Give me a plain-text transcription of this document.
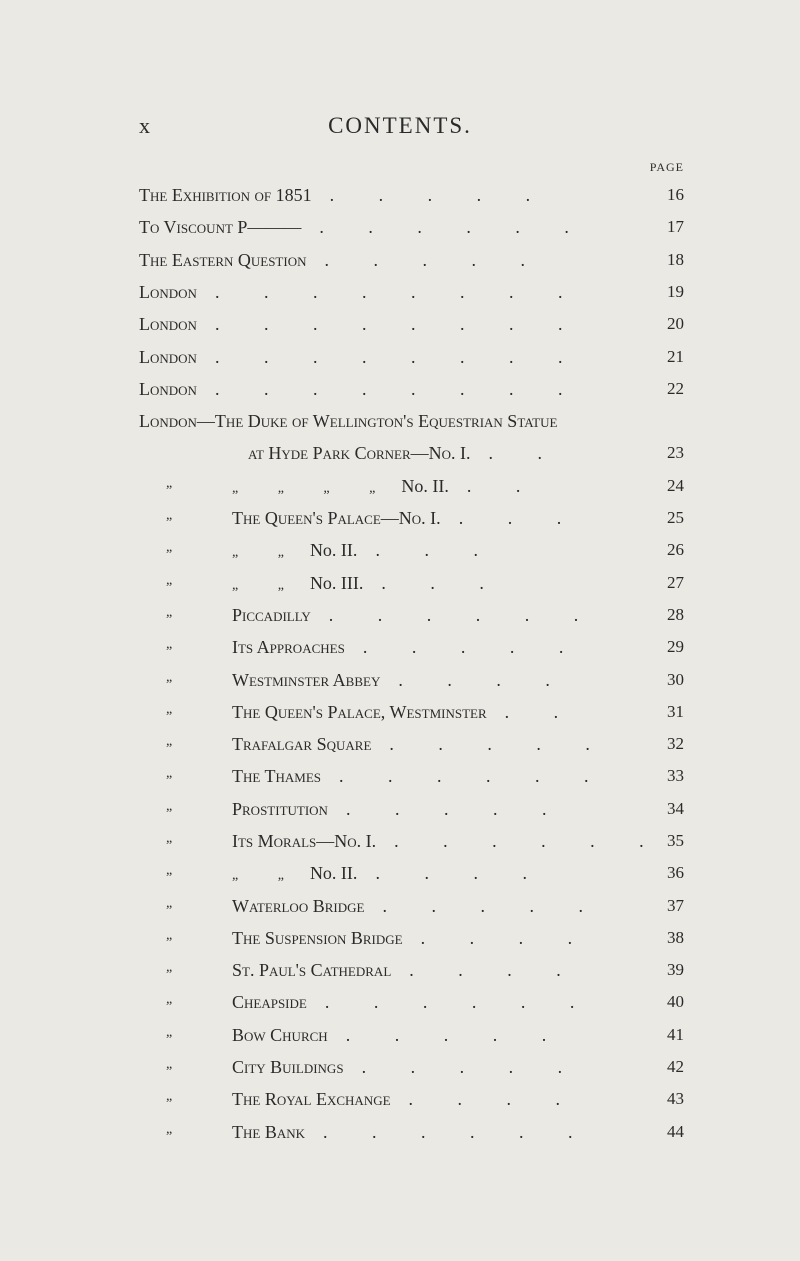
x	CONTENTS.
PAGE
The Exhibition of 1851 . . . . .	16
To Viscount P——— . . . . . .	17
The Eastern Question . . . . .	18
London . . . . . . . .	19
London . . . . . . . .	20
London . . . . . . . .	21
London . . . . . . . .	22
London—The Duke of Wellington's Equestrian Statue
at Hyde Park Corner—No. I. . .	23
„	„ „ „ „ No. II. . .	24
„	The Queen's Palace—No. I. . . .	25
„	„ „ No. II. . . .	26
„	„ „ No. III. . . .	27
„	Piccadilly . . . . . .	28
„	Its Approaches . . . . .	29
„	Westminster Abbey . . . .	30
„	The Queen's Palace, Westminster . .	31
„	Trafalgar Square . . . . .	32
„	The Thames . . . . . .	33
„	Prostitution . . . . .	34
„	Its Morals—No. I. . . . . . . 35
„	„ „ No. II. . . . .	36
„	Waterloo Bridge . . . . .	37
„	The Suspension Bridge . . . .	38
„	St. Paul's Cathedral . . . .	39
„	Cheapside . . . . . .	40
„	Bow Church . . . . .	41
„	City Buildings . . . . .	42
„	The Royal Exchange . . . .	43
„	The Bank . . . . . .	44
